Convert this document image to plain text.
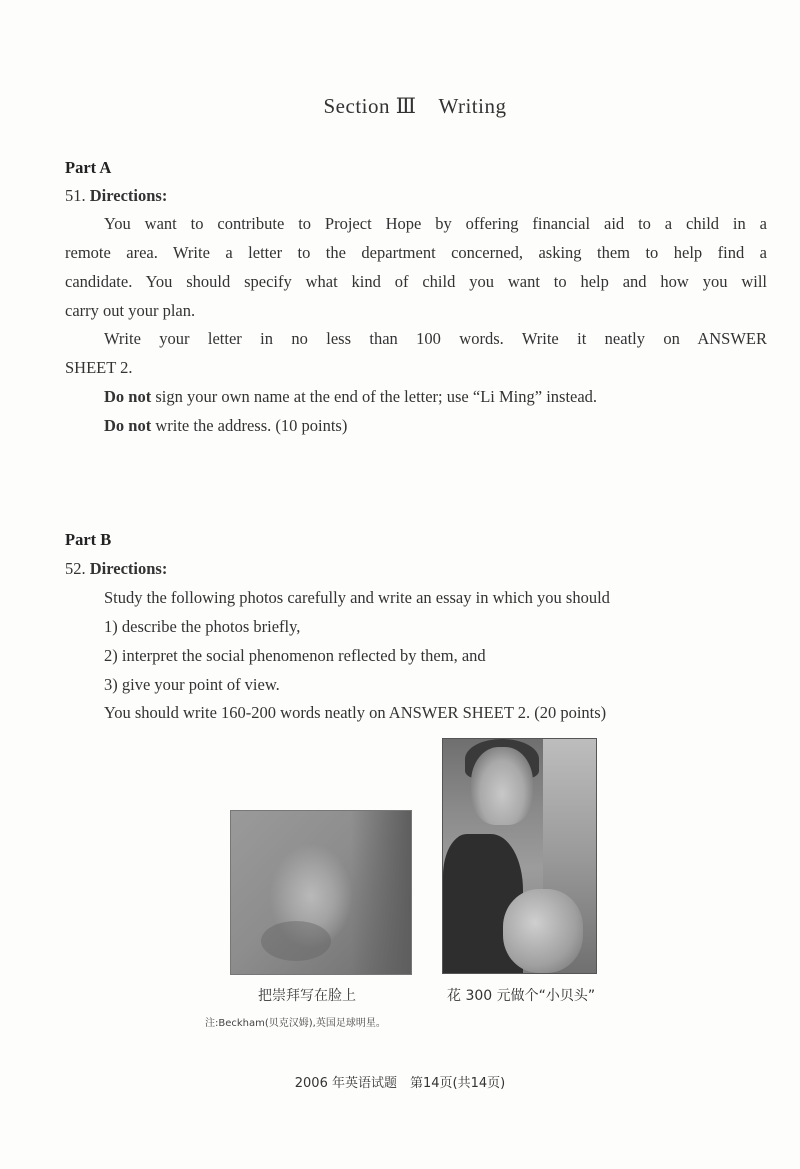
Section Ⅲ Writing
Part A
51. Directions:
You want to contribute to Project Hope by offering financial aid to a child in a
remote area. Write a letter to the department concerned, asking them to help find a
candidate. You should specify what kind of child you want to help and how you will
carry out your plan.
Write your letter in no less than 100 words. Write it neatly on ANSWER
SHEET 2.
Do not sign your own name at the end of the letter; use “Li Ming” instead.
Do not write the address. (10 points)
Part B
52. Directions:
Study the following photos carefully and write an essay in which you should
1) describe the photos briefly,
2) interpret the social phenomenon reflected by them, and
3) give your point of view.
You should write 160-200 words neatly on ANSWER SHEET 2. (20 points)
把崇拜写在脸上	花 300 元做个“小贝头”
注:Beckham(贝克汉姆),英国足球明星。
2006 年英语试题　第14页(共14页)
